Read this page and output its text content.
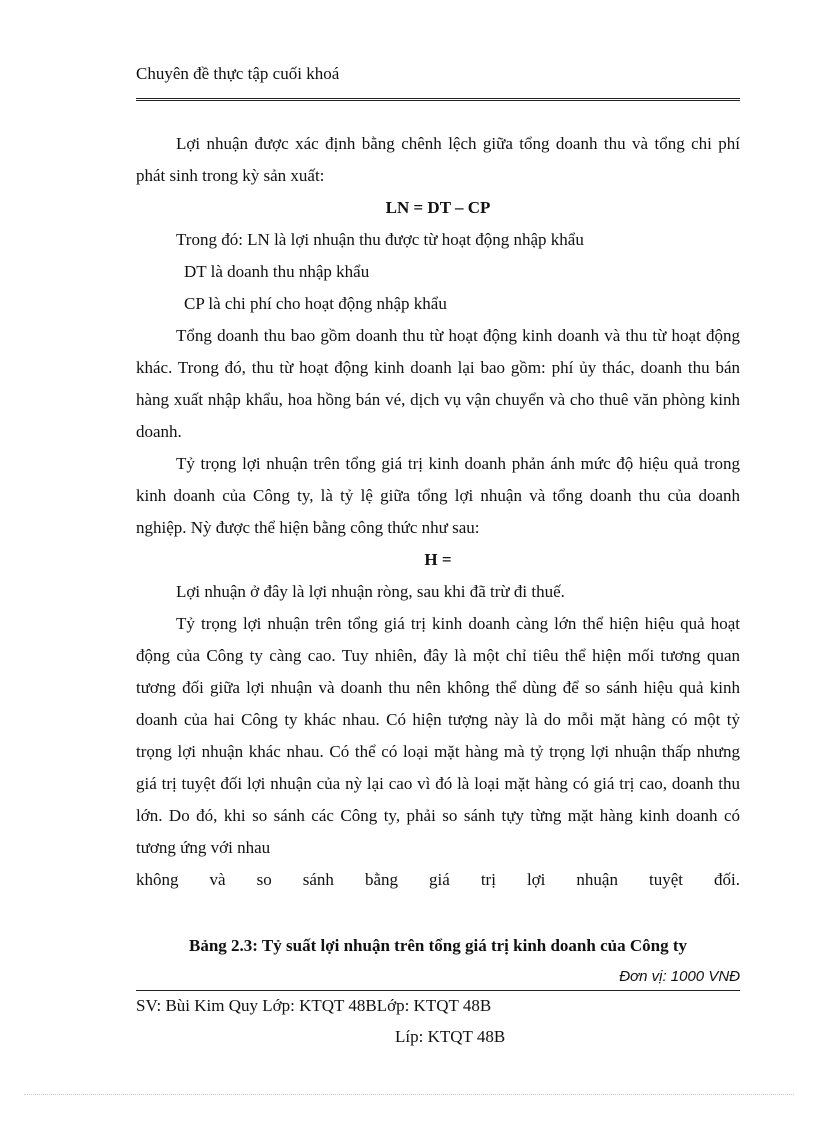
Chuyên đề thực tập cuối khoá

Lợi nhuận được xác định bằng chênh lệch giữa tổng doanh thu và tổng chi phí phát sinh trong kỳ sản xuất:

LN = DT – CP

Trong đó: LN là lợi nhuận thu được từ hoạt động nhập khẩu

DT là doanh thu nhập khẩu

CP là chi phí cho hoạt động nhập khẩu

Tổng doanh thu bao gồm doanh thu từ hoạt động kinh doanh và thu từ hoạt động khác. Trong đó, thu từ hoạt động kinh doanh lại bao gồm: phí ủy thác, doanh thu bán hàng xuất nhập khẩu, hoa hồng bán vé, dịch vụ vận chuyển và cho thuê văn phòng kinh doanh.

Tỷ trọng lợi nhuận trên tổng giá trị kinh doanh phản ánh mức độ hiệu quả trong kinh doanh của Công ty, là tỷ lệ giữa tổng lợi nhuận và tổng doanh thu của doanh nghiệp. Nỳ được thể hiện bằng công thức như sau:

H =

Lợi nhuận ở đây là lợi nhuận ròng, sau khi đã trừ đi thuế.

Tỷ trọng lợi nhuận trên tổng giá trị kinh doanh càng lớn thể hiện hiệu quả hoạt động của Công ty càng cao. Tuy nhiên, đây là một chỉ tiêu thể hiện mối tương quan tương đối giữa lợi nhuận và doanh thu nên không thể dùng để so sánh hiệu quả kinh doanh của hai Công ty khác nhau. Có hiện tượng này là do mỗi mặt hàng có một tỷ trọng lợi nhuận khác nhau. Có thể có loại mặt hàng mà tỷ trọng lợi nhuận thấp nhưng giá trị tuyệt đối lợi nhuận của nỳ lại cao vì đó là loại mặt hàng có giá trị cao, doanh thu lớn. Do đó, khi so sánh các Công ty, phải so sánh tựy từng mặt hàng kinh doanh có tương ứng với nhau

không và so sánh bằng giá trị lợi nhuận tuyệt đối.

Bảng 2.3: Tỷ suất lợi nhuận trên tổng giá trị kinh doanh của Công ty
Đơn vị: 1000 VNĐ
SV: Bùi Kim Quy Lớp: KTQT 48BLớp: KTQT 48B
Líp: KTQT 48B
